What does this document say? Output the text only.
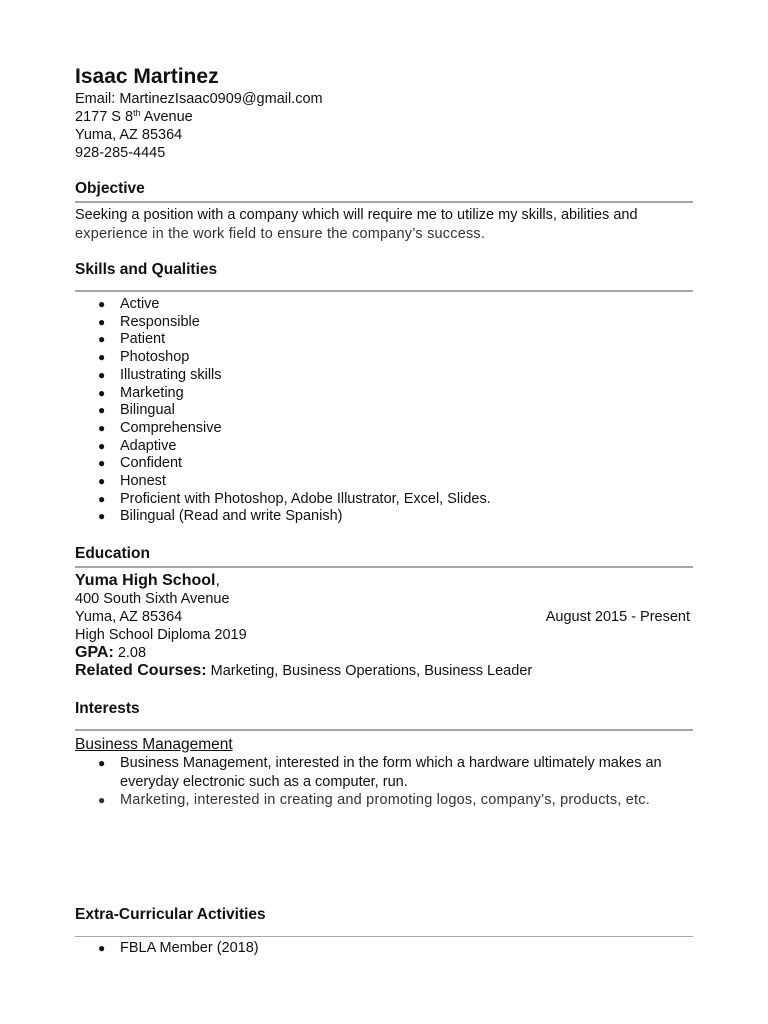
Isaac Martinez
Email: MartinezIsaac0909@gmail.com
2177 S 8th Avenue
Yuma, AZ 85364
928-285-4445
Objective
Seeking a position with a company which will require me to utilize my skills, abilities and
experience in the work field to ensure the company’s success.
Skills and Qualities
● Active
● Responsible
● Patient
● Photoshop
● Illustrating skills
● Marketing
● Bilingual
● Comprehensive
● Adaptive
● Confident
● Honest
● Proficient with Photoshop, Adobe Illustrator, Excel, Slides.
● Bilingual (Read and write Spanish)
Education
Yuma High School,
400 South Sixth Avenue
Yuma, AZ 85364	August 2015 - Present
High School Diploma 2019
GPA: 2.08
Related Courses: Marketing, Business Operations, Business Leader
Interests
Business Management
● Business Management, interested in the form which a hardware ultimately makes an everyday electronic such as a computer, run.
● Marketing, interested in creating and promoting logos, company’s, products, etc.
Extra-Curricular Activities
● FBLA Member (2018)
